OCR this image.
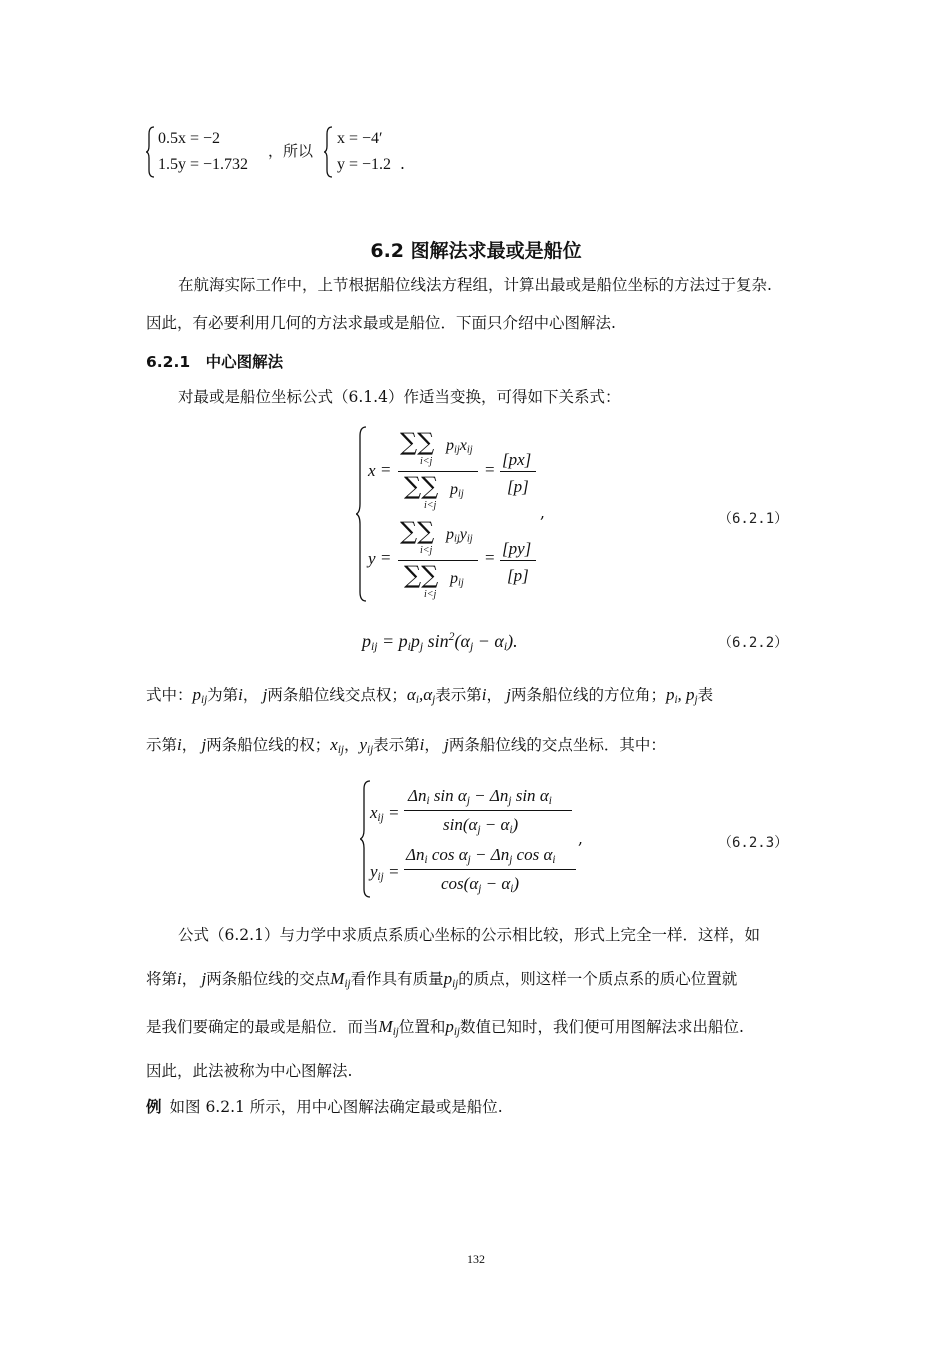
0.5x = −2
1.5y = −1.732
，所以
x = −4′
y = −1.2 .
6.2 图解法求最或是船位
在航海实际工作中，上节根据船位线法方程组，计算出最或是船位坐标的方法过于复杂.
因此，有必要利用几何的方法求最或是船位．下面只介绍中心图解法.
6.2.1　中心图解法
对最或是船位坐标公式（6.1.4）作适当变换，可得如下关系式：
x =
∑∑ $p_{ij}x_{ij}$
i<j
∑∑ $p_{ij}$
i<j
=
[px]
[p]
,
y =
∑∑ $p_{ij}y_{ij}$
i<j
∑∑ $p_{ij}$
i<j
= [py]
[p]
（6.2.1）
$p_{ij} = p_ip_j$ $\sin^2(\alpha_j - \alpha_i)$.	（6.2.2）
式中：$p_{ij}$为第i， j两条船位线交点权；$\alpha_i,\alpha_j$表示第i， j两条船位线的方位角；$p_i$, $p_j$表
示第i， j两条船位线的权；$x_{ij}$，$y_{ij}$表示第i， j两条船位线的交点坐标．其中：
$x_{ij}$ =
$\Delta n_i$ $\sin \alpha_j - \Delta n_j$ $\sin \alpha_i$
$\sin(\alpha_j - \alpha_i)$
,
$y_{ij}$ =
$\Delta n_i$ $\cos \alpha_j - \Delta n_j$ $\cos \alpha_i$
$\cos(\alpha_j - \alpha_i)$
（6.2.3）
公式（6.2.1）与力学中求质点系质心坐标的公示相比较，形式上完全一样．这样，如
将第i， j两条船位线的交点$M_{ij}$看作具有质量$p_{ij}$的质点，则这样一个质点系的质心位置就
是我们要确定的最或是船位．而当$M_{ij}$位置和$p_{ij}$数值已知时，我们便可用图解法求出船位.
因此，此法被称为中心图解法.
例 如图 6.2.1 所示，用中心图解法确定最或是船位.
132
